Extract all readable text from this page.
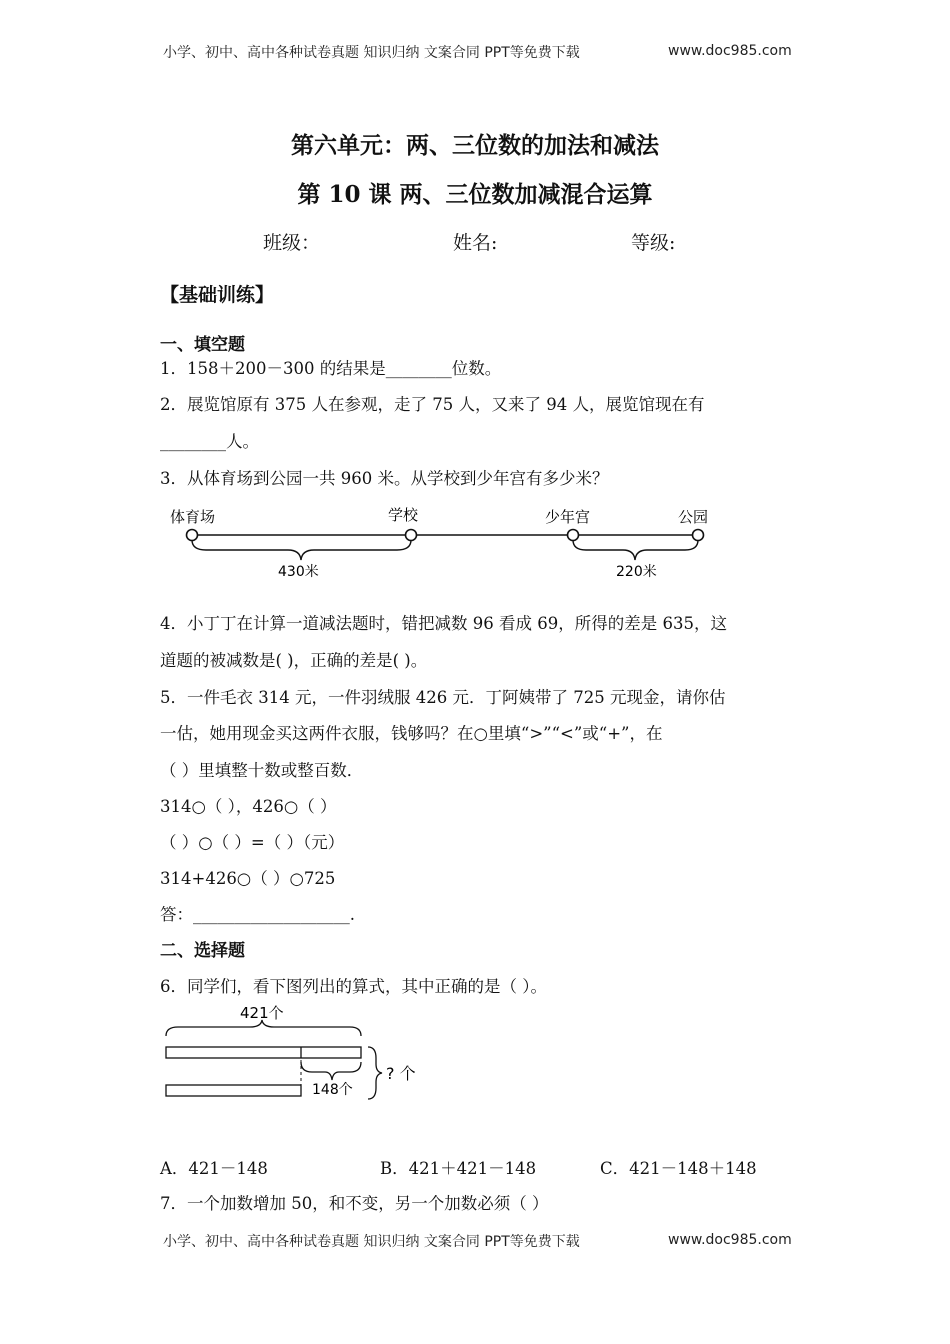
小学、初中、高中各种试卷真题 知识归纳 文案合同 PPT等免费下载	www.doc985.com
第六单元：两、三位数的加法和减法
第 10 课 两、三位数加减混合运算
班级：	姓名:	等级:
【基础训练】
一、填空题
1．158＋200－300 的结果是________位数。
2．展览馆原有 375 人在参观，走了 75 人，又来了 94 人，展览馆现在有
________人。
3．从体育场到公园一共 960 米。从学校到少年宫有多少米？
体育场	学校	少年宫	公园
430米	220米
4．小丁丁在计算一道减法题时，错把减数 96 看成 69，所得的差是 635，这
道题的被减数是( )，正确的差是( )。
5．一件毛衣 314 元，一件羽绒服 426 元．丁阿姨带了 725 元现金，请你估
一估，她用现金买这两件衣服，钱够吗？在○里填“>”“<”或“+”，在
（ ）里填整十数或整百数．
314○（ ），426○（ ）
（ ）○（ ）=（ ）（元）
314+426○（ ）○725
答：___________________.
二、选择题
6．同学们，看下图列出的算式，其中正确的是（ ）。
421个
148个
? 个
A．421－148	B．421＋421－148	C．421－148＋148
7．一个加数增加 50，和不变，另一个加数必须（ ）
小学、初中、高中各种试卷真题 知识归纳 文案合同 PPT等免费下载	www.doc985.com
